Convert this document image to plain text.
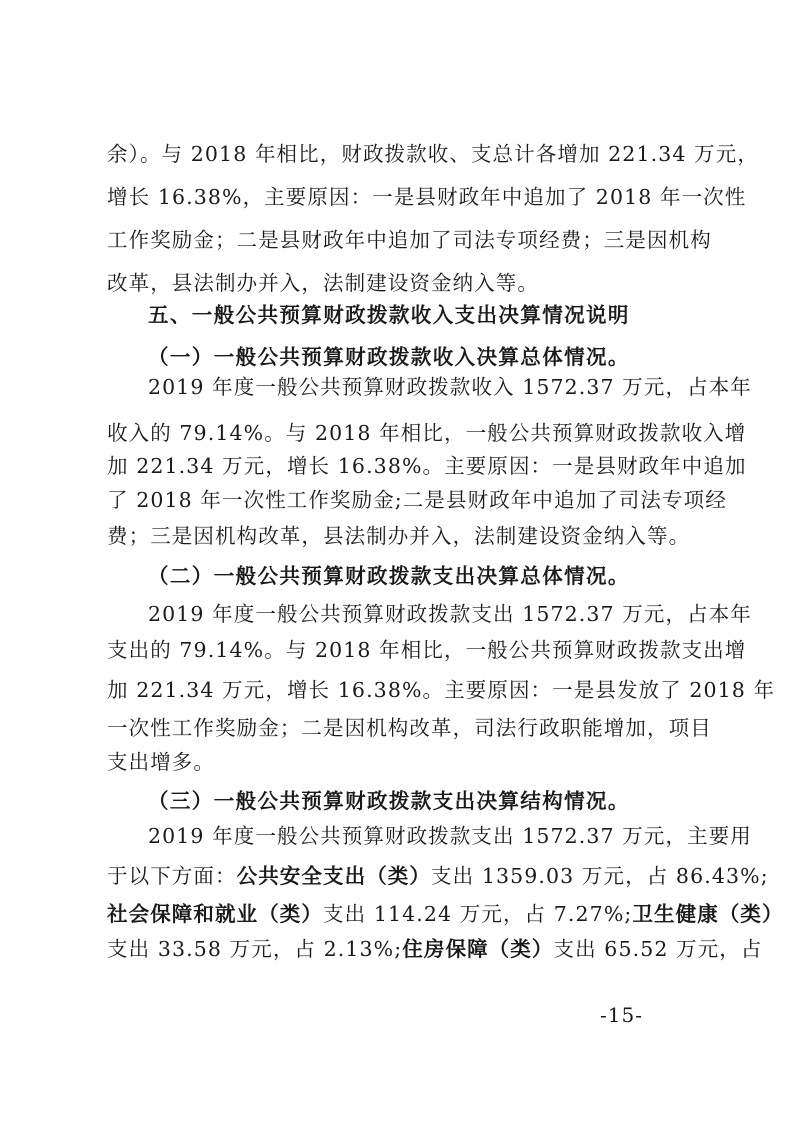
余）。与 2018 年相比，财政拨款收、支总计各增加 221.34 万元，
增长 16.38%，主要原因：一是县财政年中追加了 2018 年一次性
工作奖励金；二是县财政年中追加了司法专项经费；三是因机构
改革，县法制办并入，法制建设资金纳入等。
五、一般公共预算财政拨款收入支出决算情况说明
（一）一般公共预算财政拨款收入决算总体情况。
2019 年度一般公共预算财政拨款收入 1572.37 万元，占本年
收入的 79.14%。与 2018 年相比，一般公共预算财政拨款收入增
加 221.34 万元，增长 16.38%。主要原因：一是县财政年中追加
了 2018 年一次性工作奖励金;二是县财政年中追加了司法专项经
费；三是因机构改革，县法制办并入，法制建设资金纳入等。
（二）一般公共预算财政拨款支出决算总体情况。
2019 年度一般公共预算财政拨款支出 1572.37 万元，占本年
支出的 79.14%。与 2018 年相比，一般公共预算财政拨款支出增
加 221.34 万元，增长 16.38%。主要原因：一是县发放了 2018 年
一次性工作奖励金；二是因机构改革，司法行政职能增加，项目
支出增多。
（三）一般公共预算财政拨款支出决算结构情况。
2019 年度一般公共预算财政拨款支出 1572.37 万元，主要用
于以下方面：公共安全支出（类）支出 1359.03 万元，占 86.43%;
社会保障和就业（类）支出 114.24 万元，占 7.27%;卫生健康（类）
支出 33.58 万元，占 2.13%;住房保障（类）支出 65.52 万元，占
-15-
